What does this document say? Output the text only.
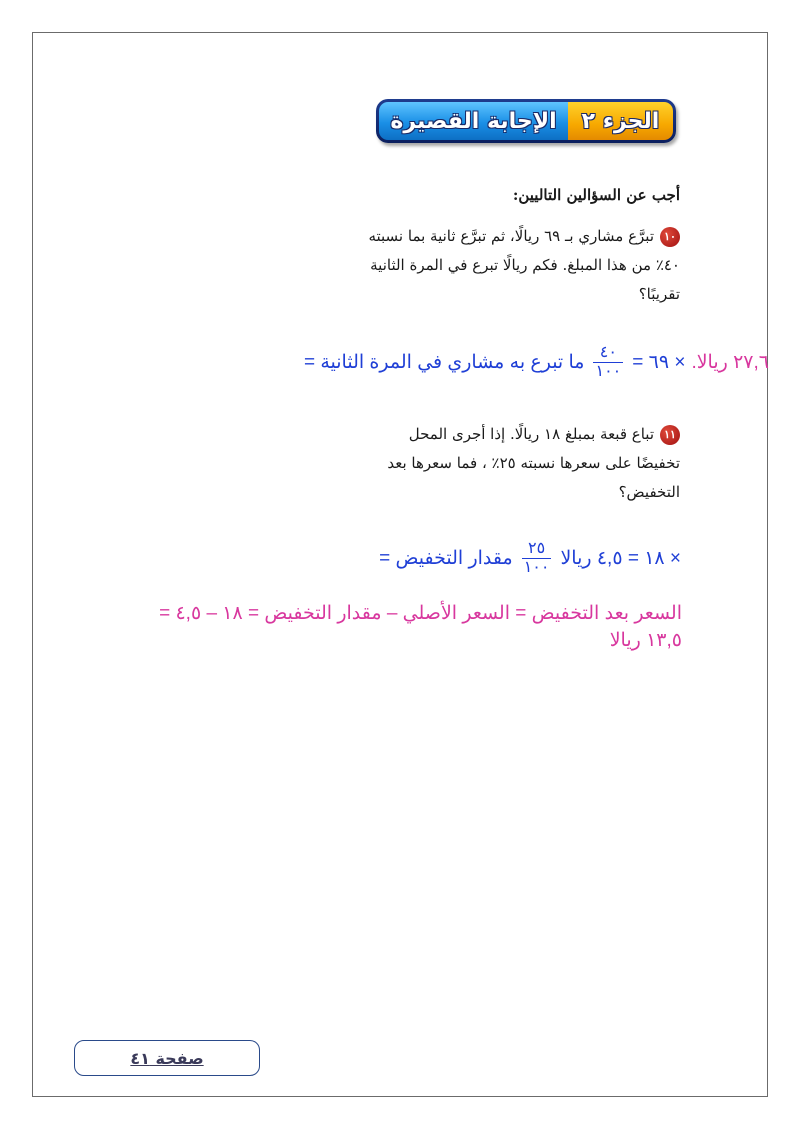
الجزء ٢
الإجابة القصيرة
أجب عن السؤالين التاليين:
١٠تبرَّع مشاري بـ ٦٩ ريالًا، ثم تبرَّع ثانية بما نسبته
٤٠٪ من هذا المبلغ. فكم ريالًا تبرع في المرة الثانية
تقريبًا؟
ما تبرع به مشاري في المرة الثانية = $\frac{٤٠}{١٠٠}$ × ٦٩ = ٢٧,٦ ريالا.
١١تباع قبعة بمبلغ ١٨ ريالًا. إذا أجرى المحل
تخفيضًا على سعرها نسبته ٢٥٪ ، فما سعرها بعد
التخفيض؟
مقدار التخفيض = $\frac{٢٥}{١٠٠}$ × ١٨ = ٤,٥ ريالا
السعر بعد التخفيض = السعر الأصلي – مقدار التخفيض = ١٨ – ٤,٥ =
١٣,٥ ريالا
صفحة ٤١
